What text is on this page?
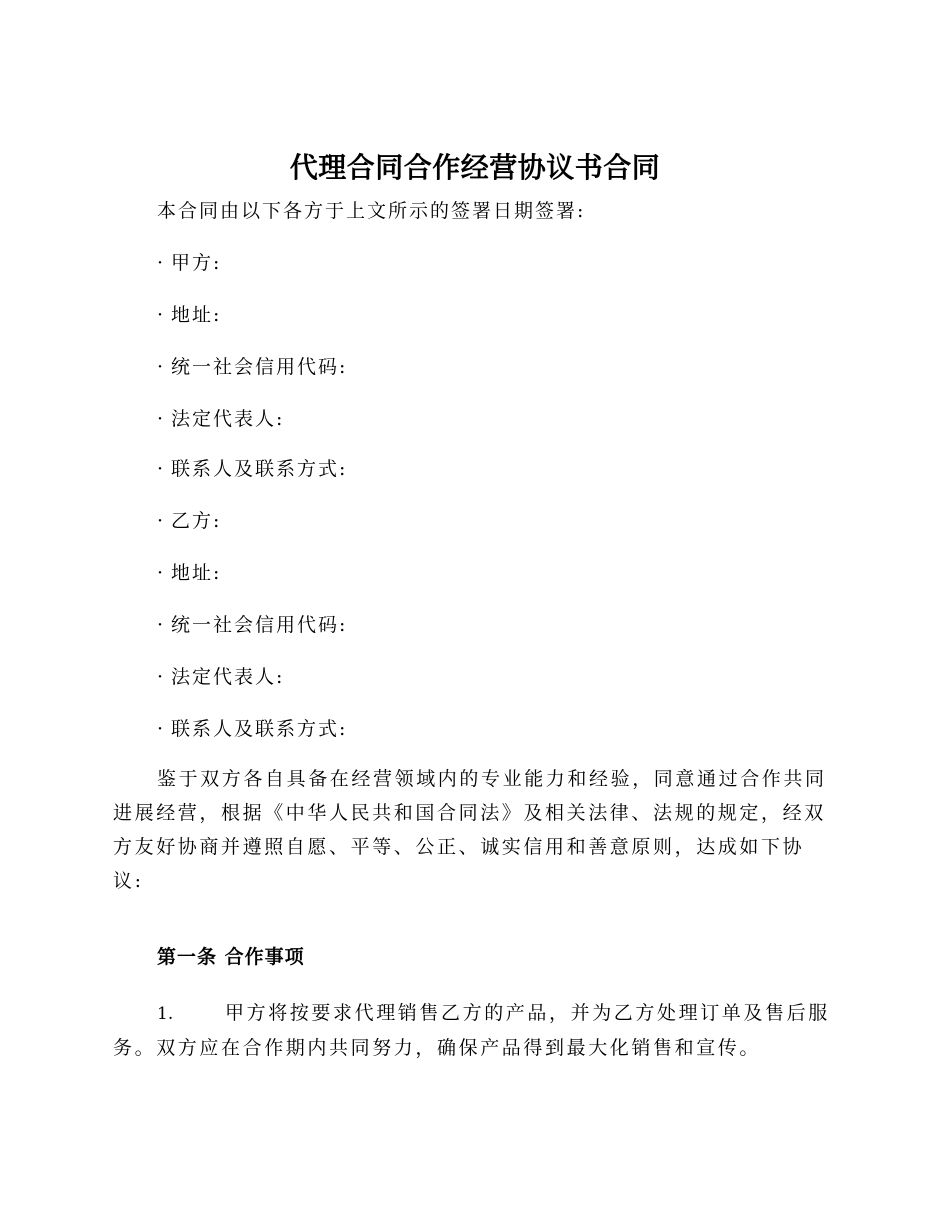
代理合同合作经营协议书合同
本合同由以下各方于上文所示的签署日期签署:
· 甲方:
· 地址:
· 统一社会信用代码:
· 法定代表人:
· 联系人及联系方式:
· 乙方:
· 地址:
· 统一社会信用代码:
· 法定代表人:
· 联系人及联系方式:
鉴于双方各自具备在经营领域内的专业能力和经验，同意通过合作共同进展经营，根据《中华人民共和国合同法》及相关法律、法规的规定，经双方友好协商并遵照自愿、平等、公正、诚实信用和善意原则，达成如下协议:
第一条 合作事项
1.	甲方将按要求代理销售乙方的产品，并为乙方处理订单及售后服务。双方应在合作期内共同努力，确保产品得到最大化销售和宣传。
